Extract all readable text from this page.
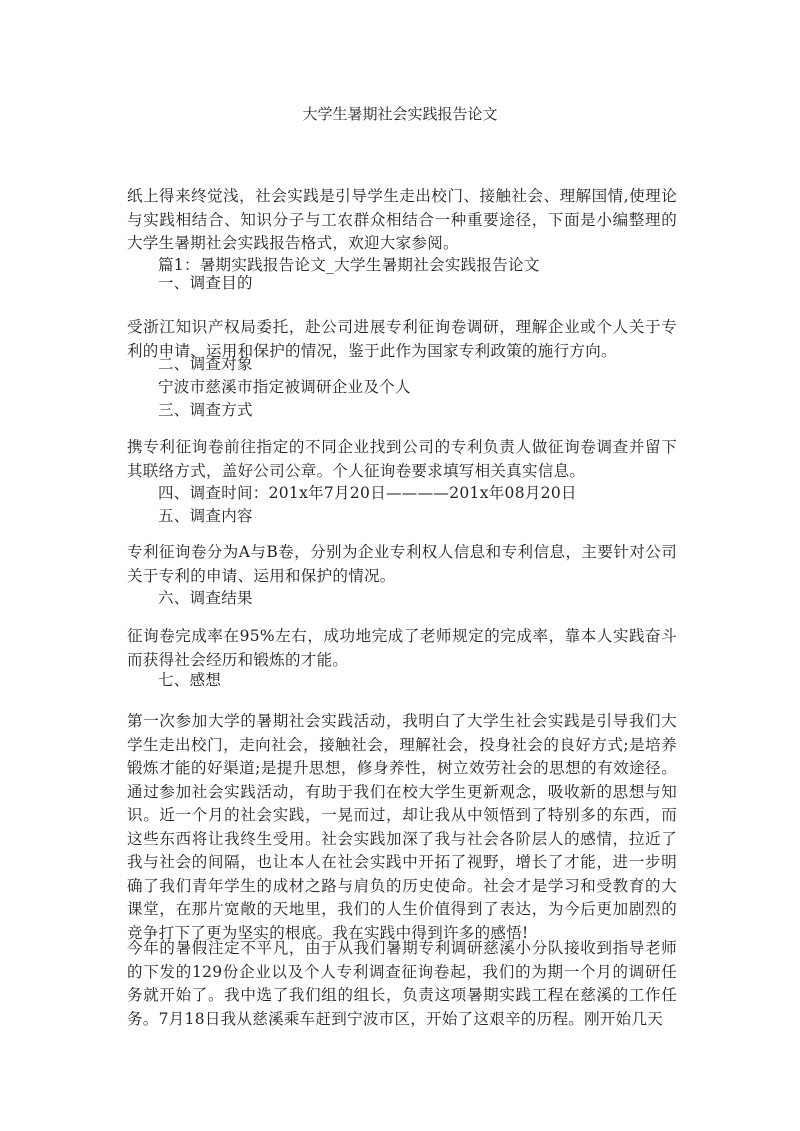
大学生暑期社会实践报告论文
纸上得来终觉浅，社会实践是引导学生走出校门、接触社会、理解国情,使理论与实践相结合、知识分子与工农群众相结合一种重要途径，下面是小编整理的大学生暑期社会实践报告格式，欢迎大家参阅。
篇1：暑期实践报告论文_大学生暑期社会实践报告论文
一、调查目的
受浙江知识产权局委托，赴公司进展专利征询卷调研，理解企业或个人关于专利的申请、运用和保护的情况，鉴于此作为国家专利政策的施行方向。
二、调查对象
宁波市慈溪市指定被调研企业及个人
三、调查方式
携专利征询卷前往指定的不同企业找到公司的专利负责人做征询卷调查并留下其联络方式，盖好公司公章。个人征询卷要求填写相关真实信息。
四、调查时间：201x年7月20日————201x年08月20日
五、调查内容
专利征询卷分为A与B卷，分别为企业专利权人信息和专利信息，主要针对公司关于专利的申请、运用和保护的情况。
六、调查结果
征询卷完成率在95%左右，成功地完成了老师规定的完成率，靠本人实践奋斗而获得社会经历和锻炼的才能。
七、感想
第一次参加大学的暑期社会实践活动，我明白了大学生社会实践是引导我们大学生走出校门，走向社会，接触社会，理解社会，投身社会的良好方式;是培养锻炼才能的好渠道;是提升思想，修身养性，树立效劳社会的思想的有效途径。通过参加社会实践活动，有助于我们在校大学生更新观念，吸收新的思想与知识。近一个月的社会实践，一晃而过，却让我从中领悟到了特别多的东西，而这些东西将让我终生受用。社会实践加深了我与社会各阶层人的感情，拉近了我与社会的间隔，也让本人在社会实践中开拓了视野，增长了才能，进一步明确了我们青年学生的成材之路与肩负的历史使命。社会才是学习和受教育的大课堂，在那片宽敞的天地里，我们的人生价值得到了表达，为今后更加剧烈的竞争打下了更为坚实的根底。我在实践中得到许多的感悟!
今年的暑假注定不平凡，由于从我们暑期专利调研慈溪小分队接收到指导老师的下发的129份企业以及个人专利调查征询卷起，我们的为期一个月的调研任务就开始了。我中选了我们组的组长，负责这项暑期实践工程在慈溪的工作任务。7月18日我从慈溪乘车赶到宁波市区，开始了这艰辛的历程。刚开始几天
